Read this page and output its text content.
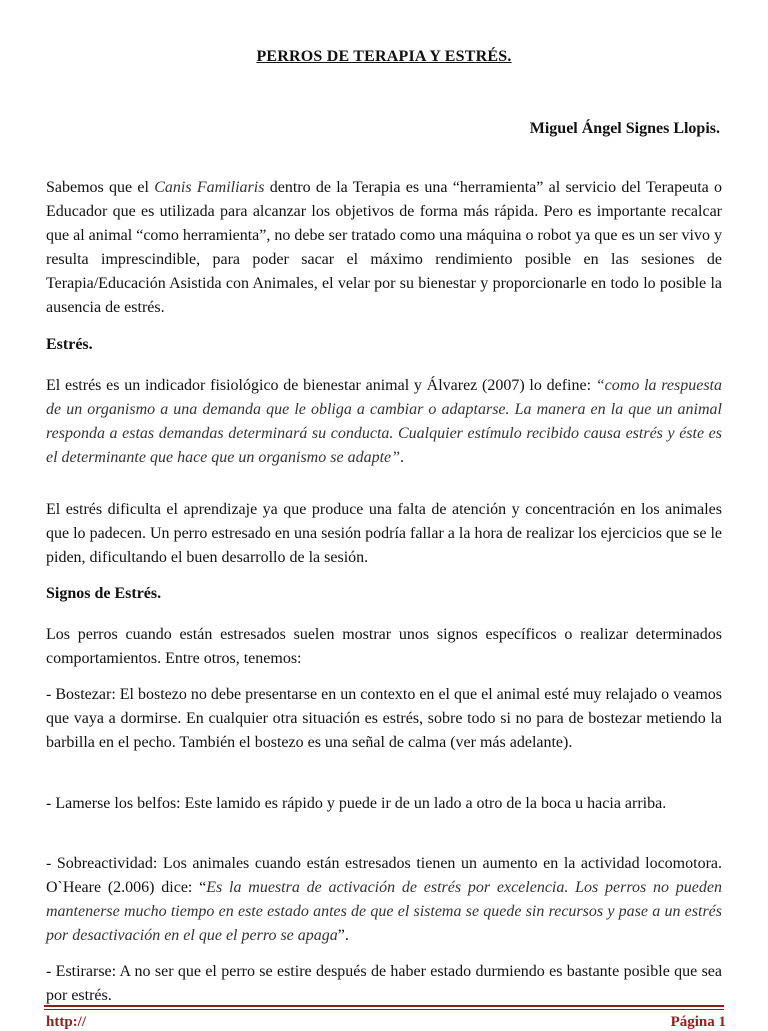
PERROS DE TERAPIA Y ESTRÉS.
Miguel Ángel Signes Llopis.

Sabemos que el Canis Familiaris dentro de la Terapia es una “herramienta” al servicio del Terapeuta o Educador que es utilizada para alcanzar los objetivos de forma más rápida. Pero es importante recalcar que al animal “como herramienta”, no debe ser tratado como una máquina o robot ya que es un ser vivo y resulta imprescindible, para poder sacar el máximo rendimiento posible en las sesiones de Terapia/Educación Asistida con Animales, el velar por su bienestar y proporcionarle en todo lo posible la ausencia de estrés.

Estrés.

El estrés es un indicador fisiológico de bienestar animal y Álvarez (2007) lo define: “como la respuesta de un organismo a una demanda que le obliga a cambiar o adaptarse. La manera en la que un animal responda a estas demandas determinará su conducta. Cualquier estímulo recibido causa estrés y éste es el determinante que hace que un organismo se adapte”.

El estrés dificulta el aprendizaje ya que produce una falta de atención y concentración en los animales que lo padecen. Un perro estresado en una sesión podría fallar a la hora de realizar los ejercicios que se le piden, dificultando el buen desarrollo de la sesión.
Signos de Estrés.
Los perros cuando están estresados suelen mostrar unos signos específicos o realizar determinados comportamientos. Entre otros, tenemos:
- Bostezar: El bostezo no debe presentarse en un contexto en el que el animal esté muy relajado o veamos que vaya a dormirse. En cualquier otra situación es estrés, sobre todo si no para de bostezar metiendo la barbilla en el pecho. También el bostezo es una señal de calma (ver más adelante).
- Lamerse los belfos: Este lamido es rápido y puede ir de un lado a otro de la boca u hacia arriba.

- Sobreactividad: Los animales cuando están estresados tienen un aumento en la actividad locomotora. O`Heare (2.006) dice: “Es la muestra de activación de estrés por excelencia. Los perros no pueden mantenerse mucho tiempo en este estado antes de que el sistema se quede sin recursos y pase a un estrés por desactivación en el que el perro se apaga”.

- Estirarse: A no ser que el perro se estire después de haber estado durmiendo es bastante posible que sea por estrés.
http://	Página 1
